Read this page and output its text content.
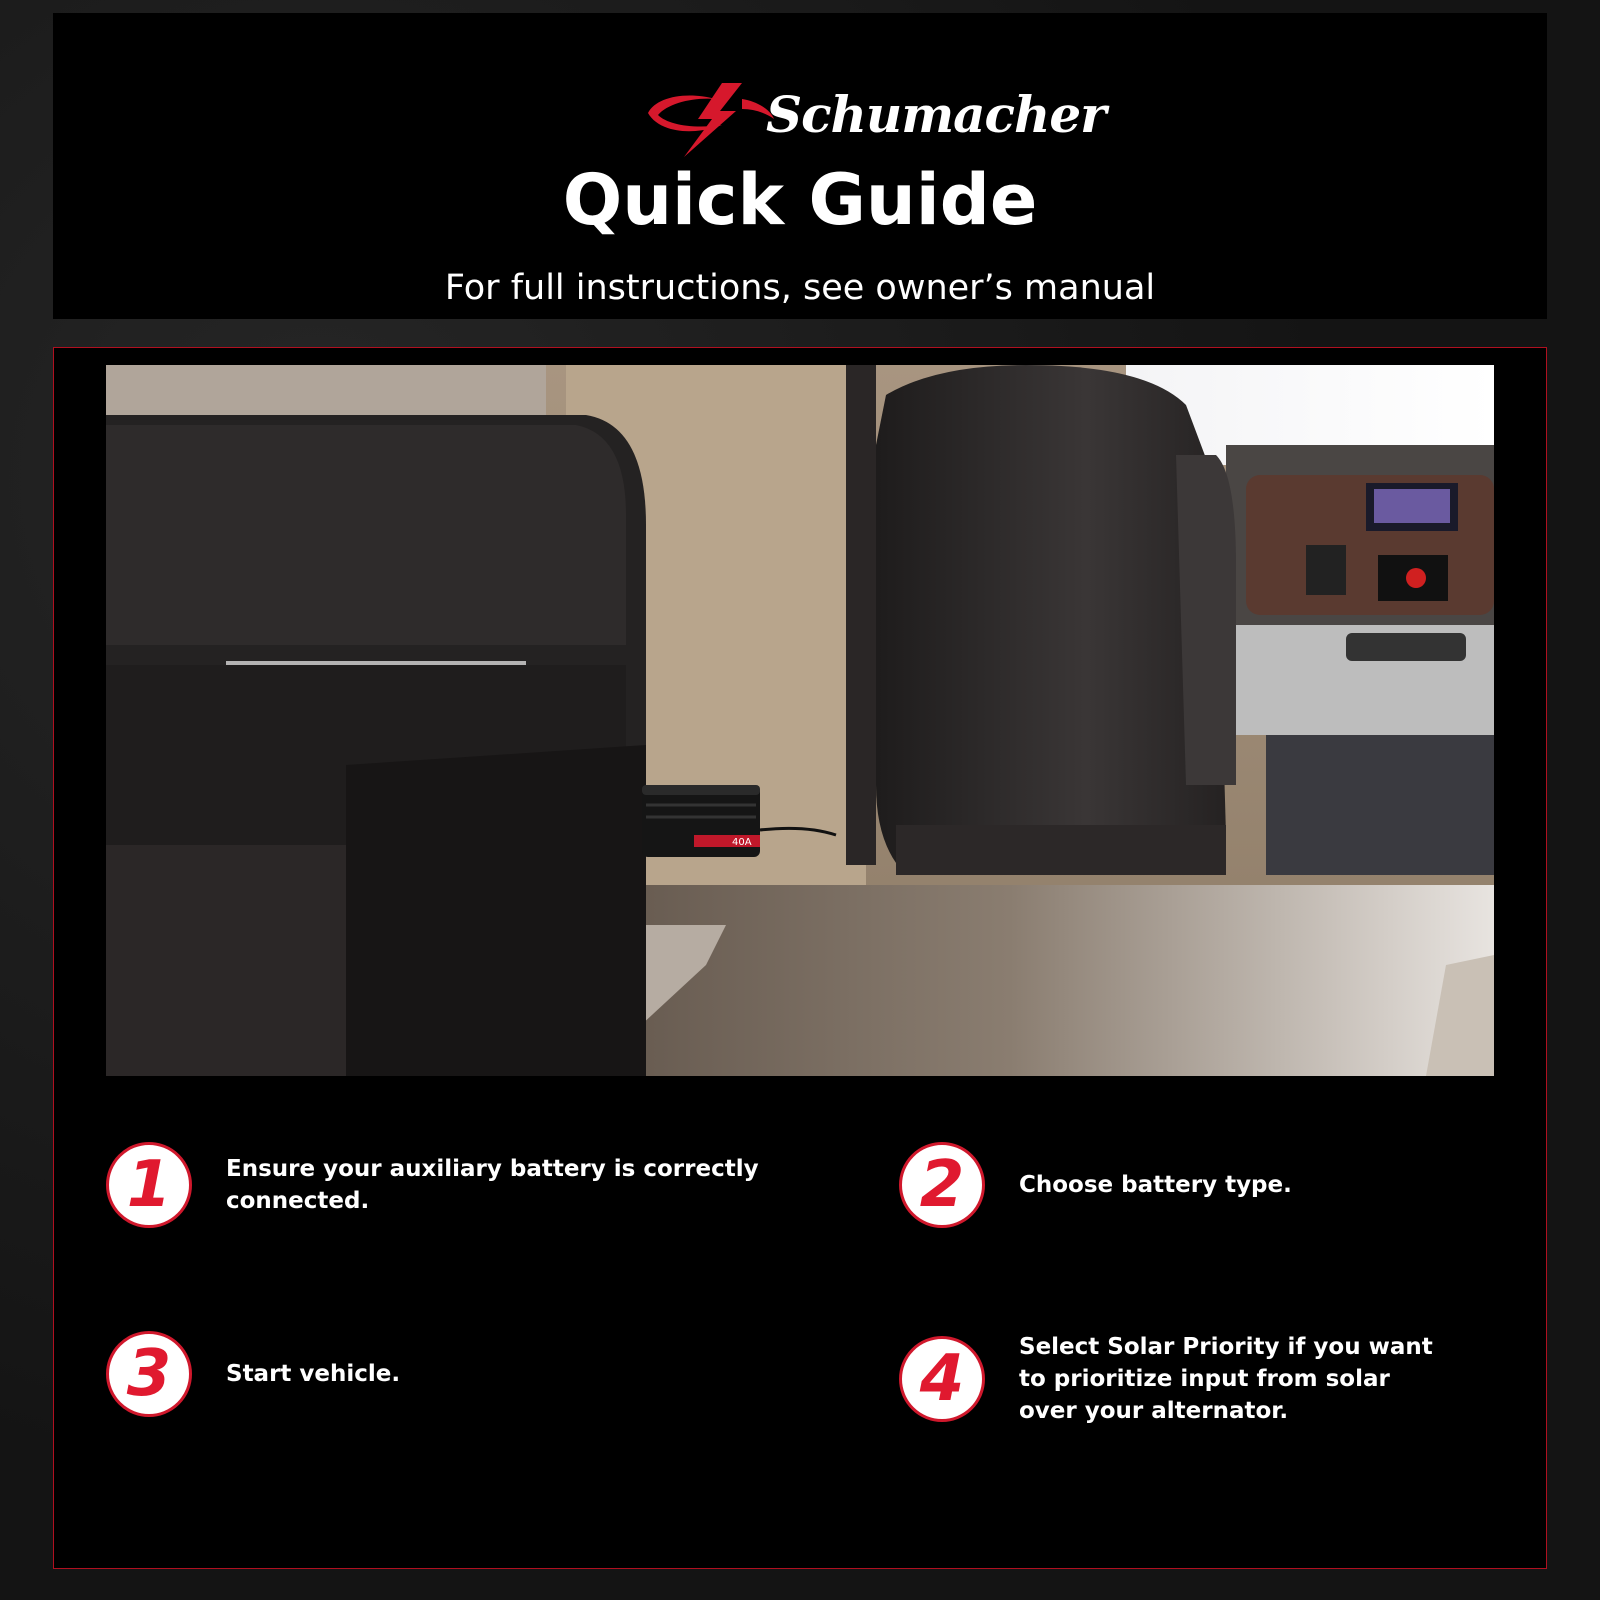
Schumacher
Quick Guide
For full instructions, see owner’s manual
40A
1	Ensure your auxiliary battery is correctly connected.	2	Choose battery type.
3	Start vehicle.	4	Select Solar Priority if you want to prioritize input from solar over your alternator.
